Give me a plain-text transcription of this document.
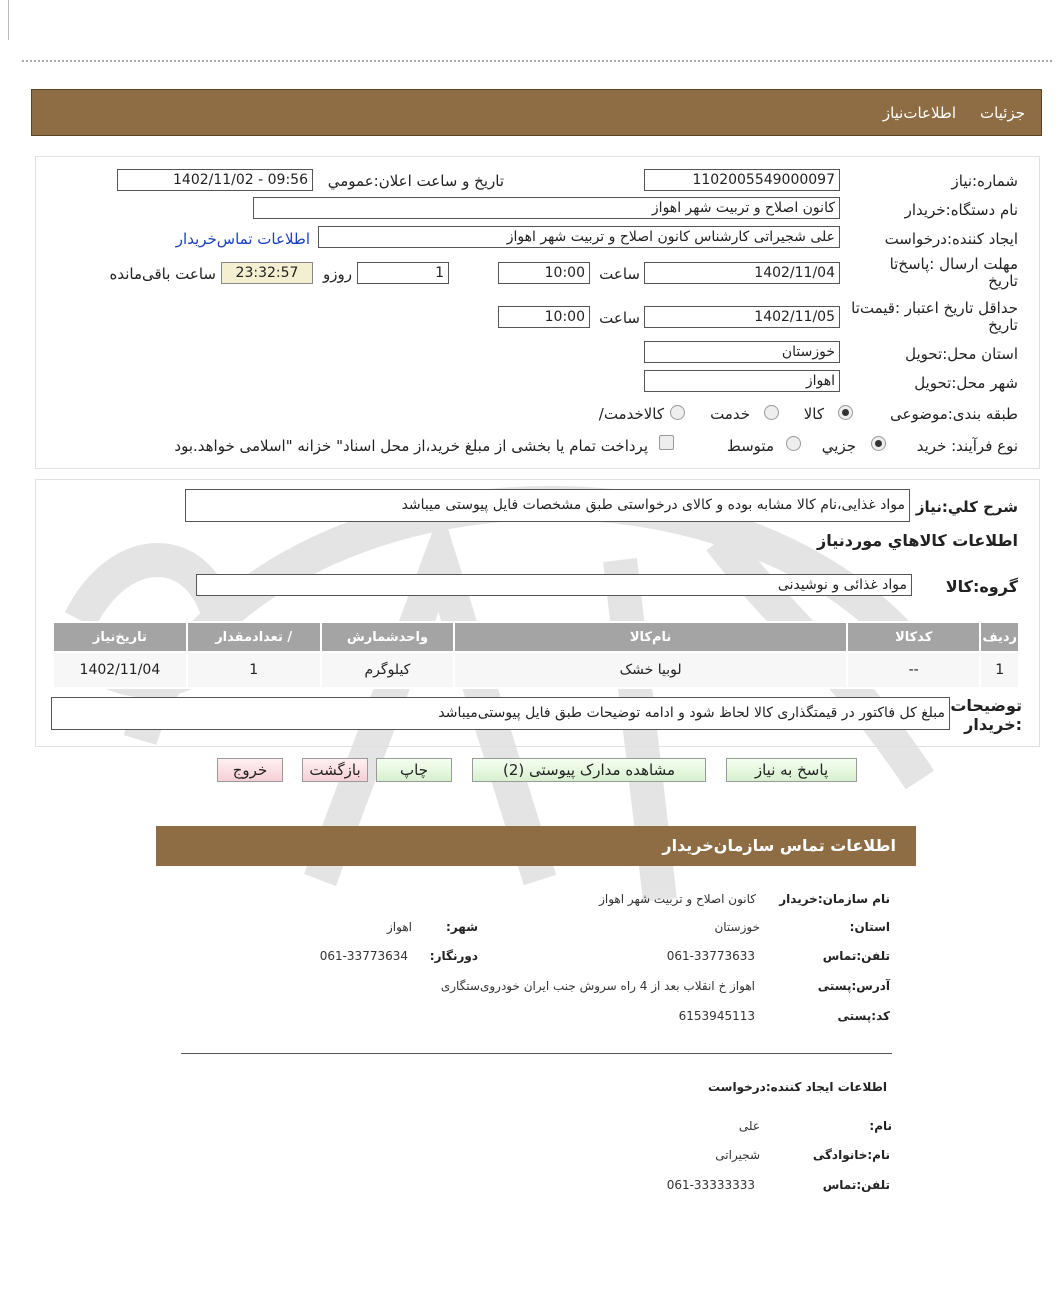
جزئیات
اطلاعات‌نیاز
شماره:نیاز
1102005549000097
تاریخ و ساعت اعلان:عمومي
1402/11/02 - 09:56
نام دستگاه:خریدار
کانون اصلاح و تربیت شهر اهواز
ایجاد کننده:درخواست
علی شجیراتی کارشناس کانون اصلاح و تربیت شهر اهواز
اطلاعات تماس‌خریدار
مهلت ارسال :پاسخ‌تا تاریخ
1402/11/04
ساعت
10:00
1
روزو
23:32:57
ساعت باقی‌مانده
حداقل تاریخ اعتبار :قیمت‌تا تاریخ
1402/11/05
ساعت
10:00
استان محل:تحویل
خوزستان
شهر محل:تحویل
اهواز
طبقه بندی:موضوعی
کالا
خدمت
/کالاخدمت
نوع فرآیند: خرید
جزيي
متوسط
پرداخت تمام یا بخشی از مبلغ خرید،از محل اسناد" خزانه "اسلامی خواهد.بود
شرح کلي:نیاز
مواد غذایی،نام کالا مشابه بوده و کالای درخواستی طبق مشخصات فایل پیوستی میباشد
اطلاعات کالاهاي موردنياز
گروه:کالا
مواد غذائی و نوشیدنی
رديف	کدکالا	نام‌کالا	واحدشمارش	/ تعدادمقدار	تاریخ‌نیاز
1	--	لوبیا خشک	کیلوگرم	1	1402/11/04
توضیحات :خریدار
مبلغ کل فاکتور در قیمتگذاری کالا لحاظ شود و ادامه توضیحات طبق فایل پیوستی‌میباشد
پاسخ به نیاز
مشاهده مدارک پیوستی (2)
چاپ
بازگشت
خروج
اطلاعات تماس سازمان‌خریدار
نام سازمان:خریدار
کانون اصلاح و تربیت شهر اهواز
:استان
خوزستان
:شهر
اهواز
تلفن:تماس
061-33773633
:دورنگار
061-33773634
آدرس:پستی
اهواز خ انقلاب بعد از 4 راه سروش جنب ایران خودرو‌ی‌ستگاری
کد:پستی
6153945113
اطلاعات ایجاد کننده:درخواست
:نام
علی
نام:خانوادگی
شجیراتی
تلفن:تماس
061-33333333
